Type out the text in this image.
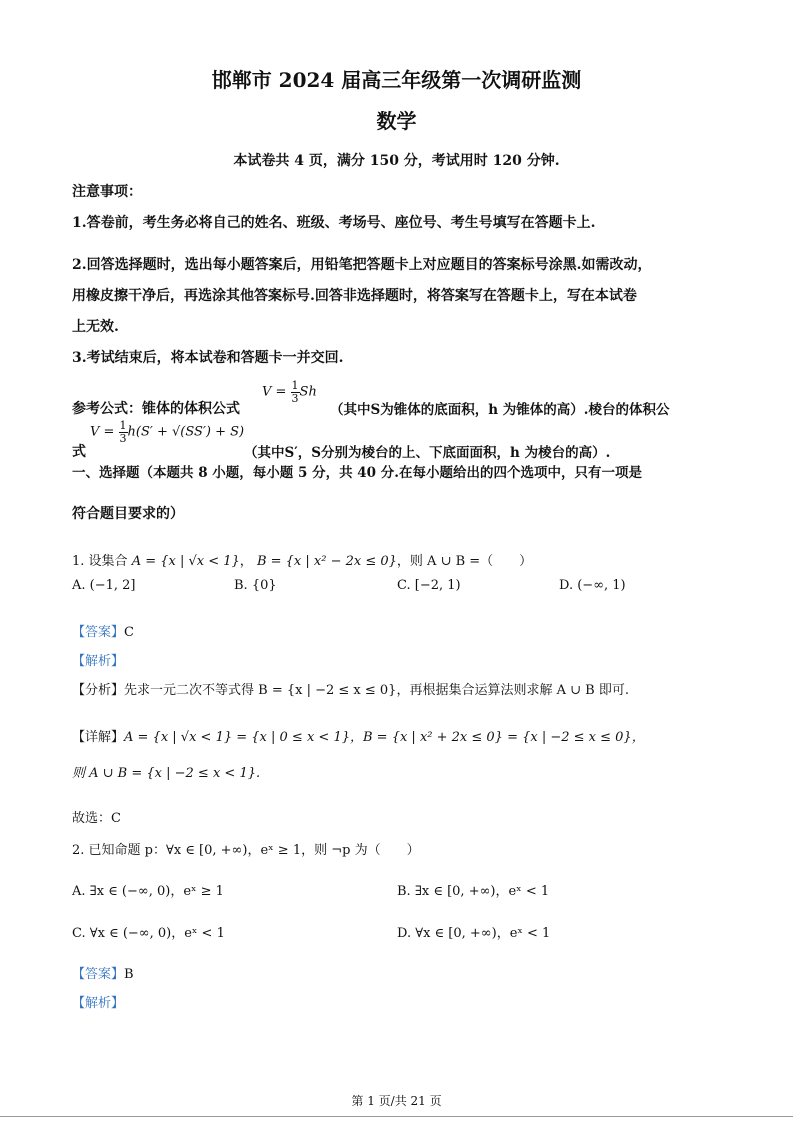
邯郸市 2024 届高三年级第一次调研监测
数学
本试卷共 4 页，满分 150 分，考试用时 120 分钟.
注意事项：
1.答卷前，考生务必将自己的姓名、班级、考场号、座位号、考生号填写在答题卡上.
2.回答选择题时，选出每小题答案后，用铅笔把答题卡上对应题目的答案标号涂黑.如需改动，
用橡皮擦干净后，再选涂其他答案标号.回答非选择题时，将答案写在答题卡上，写在本试卷
上无效.
3.考试结束后，将本试卷和答题卡一并交回.
参考公式：锥体的体积公式
$V = \frac{1}{3}$ Sh
（其中S为锥体的底面积，h 为锥体的高）.棱台的体积公
式
$V = \frac{1}{3} h(S' + √(SS') + S)$
（其中S′，S分别为棱台的上、下底面面积，h 为棱台的高）.
一、选择题（本题共 8 小题，每小题 5 分，共 40 分.在每小题给出的四个选项中，只有一项是
符合题目要求的）
1. 设集合 A = {x | √x < 1}， B = {x | x² − 2x ≤ 0}，则 A ∪ B =（　　）
A. (−1, 2]	B. {0}	C. [−2, 1)	D. (−∞, 1)
【答案】C
【解析】
【分析】先求一元二次不等式得 B = {x | −2 ≤ x ≤ 0}，再根据集合运算法则求解 A ∪ B 即可.
【详解】A = {x | √x < 1} = {x | 0 ≤ x < 1}，B = {x | x² + 2x ≤ 0} = {x | −2 ≤ x ≤ 0}，
则 A ∪ B = {x | −2 ≤ x < 1}.
故选：C
2. 已知命题 p：∀x ∈ [0, +∞)，eˣ ≥ 1，则 ¬p 为（　　）
A. ∃x ∈ (−∞, 0)，eˣ ≥ 1	B. ∃x ∈ [0, +∞)，eˣ < 1
C. ∀x ∈ (−∞, 0)，eˣ < 1	D. ∀x ∈ [0, +∞)，eˣ < 1
【答案】B
【解析】
第 1 页/共 21 页
